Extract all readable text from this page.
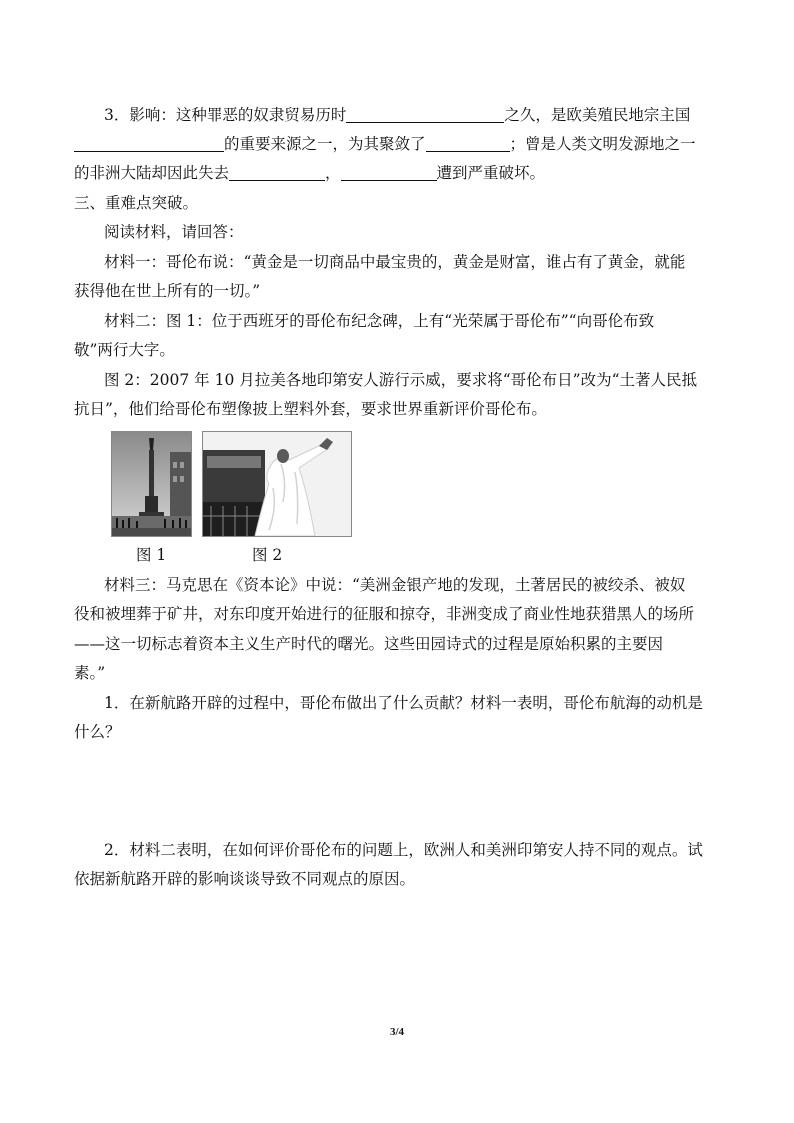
3．影响：这种罪恶的奴隶贸易历时	之久，是欧美殖民地宗主国
的重要来源之一，为其聚敛了	；曾是人类文明发源地之一
的非洲大陆却因此失去	，	遭到严重破坏。
三、重难点突破。
阅读材料，请回答：
材料一：哥伦布说：“黄金是一切商品中最宝贵的，黄金是财富，谁占有了黄金，就能
获得他在世上所有的一切。”
材料二：图 1：位于西班牙的哥伦布纪念碑，上有“光荣属于哥伦布”“向哥伦布致
敬”两行大字。
图 2：2007 年 10 月拉美各地印第安人游行示威，要求将“哥伦布日”改为“土著人民抵
抗日”，他们给哥伦布塑像披上塑料外套，要求世界重新评价哥伦布。
图 1	图 2
材料三：马克思在《资本论》中说：“美洲金银产地的发现，土著居民的被绞杀、被奴
役和被埋葬于矿井，对东印度开始进行的征服和掠夺，非洲变成了商业性地获猎黑人的场所
——这一切标志着资本主义生产时代的曙光。这些田园诗式的过程是原始积累的主要因
素。”
1．在新航路开辟的过程中，哥伦布做出了什么贡献？材料一表明，哥伦布航海的动机是
什么？
2．材料二表明，在如何评价哥伦布的问题上，欧洲人和美洲印第安人持不同的观点。试
依据新航路开辟的影响谈谈导致不同观点的原因。
3/4
